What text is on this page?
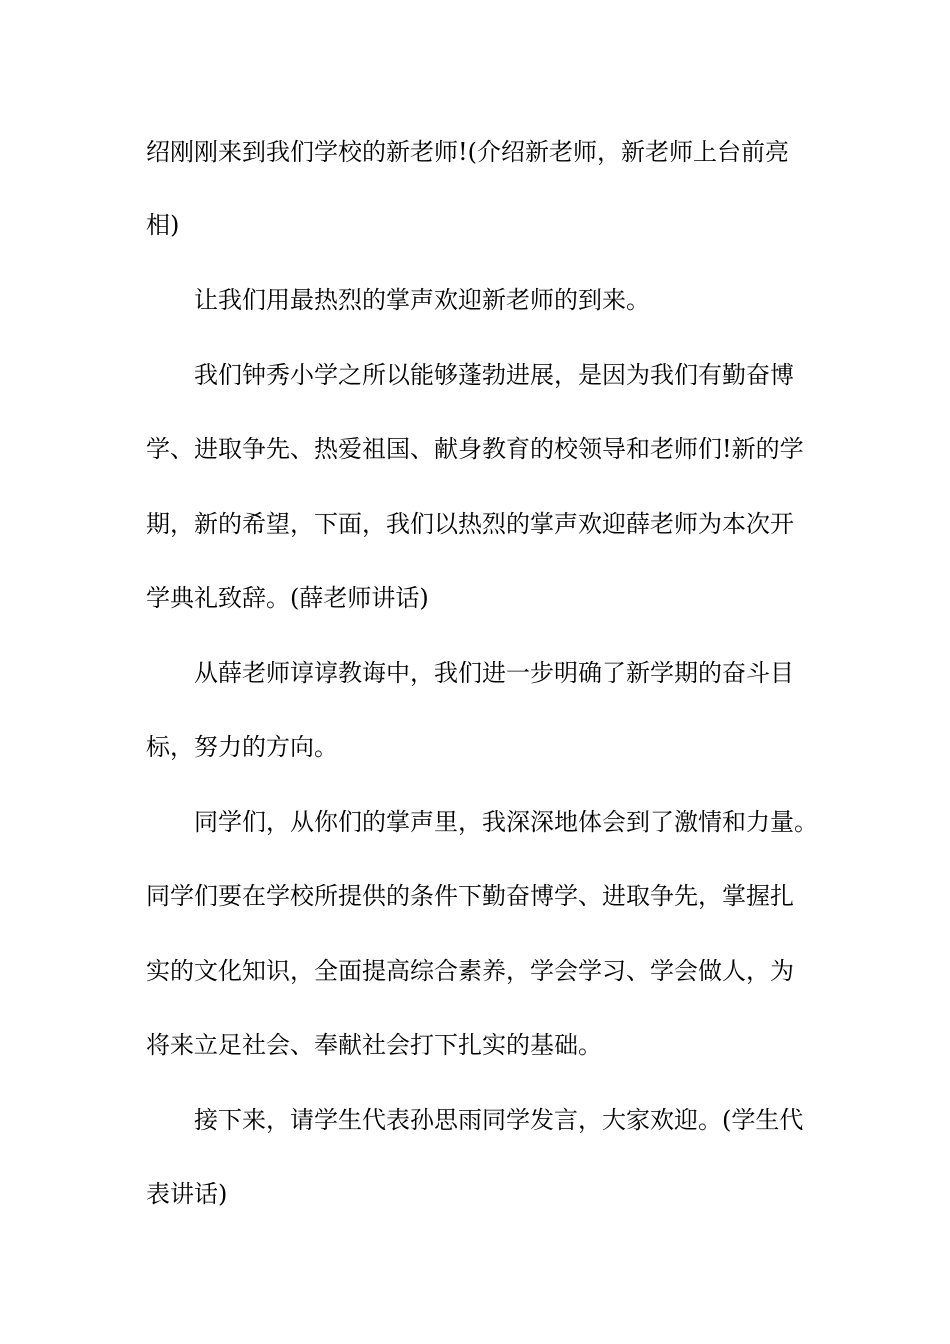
绍刚刚来到我们学校的新老师!(介绍新老师，新老师上台前亮
相)
让我们用最热烈的掌声欢迎新老师的到来。
我们钟秀小学之所以能够蓬勃进展，是因为我们有勤奋博
学、进取争先、热爱祖国、献身教育的校领导和老师们!新的学
期，新的希望，下面，我们以热烈的掌声欢迎薛老师为本次开
学典礼致辞。(薛老师讲话)
从薛老师谆谆教诲中，我们进一步明确了新学期的奋斗目
标，努力的方向。
同学们，从你们的掌声里，我深深地体会到了激情和力量。
同学们要在学校所提供的条件下勤奋博学、进取争先，掌握扎
实的文化知识，全面提高综合素养，学会学习、学会做人，为
将来立足社会、奉献社会打下扎实的基础。
接下来，请学生代表孙思雨同学发言，大家欢迎。(学生代
表讲话)
